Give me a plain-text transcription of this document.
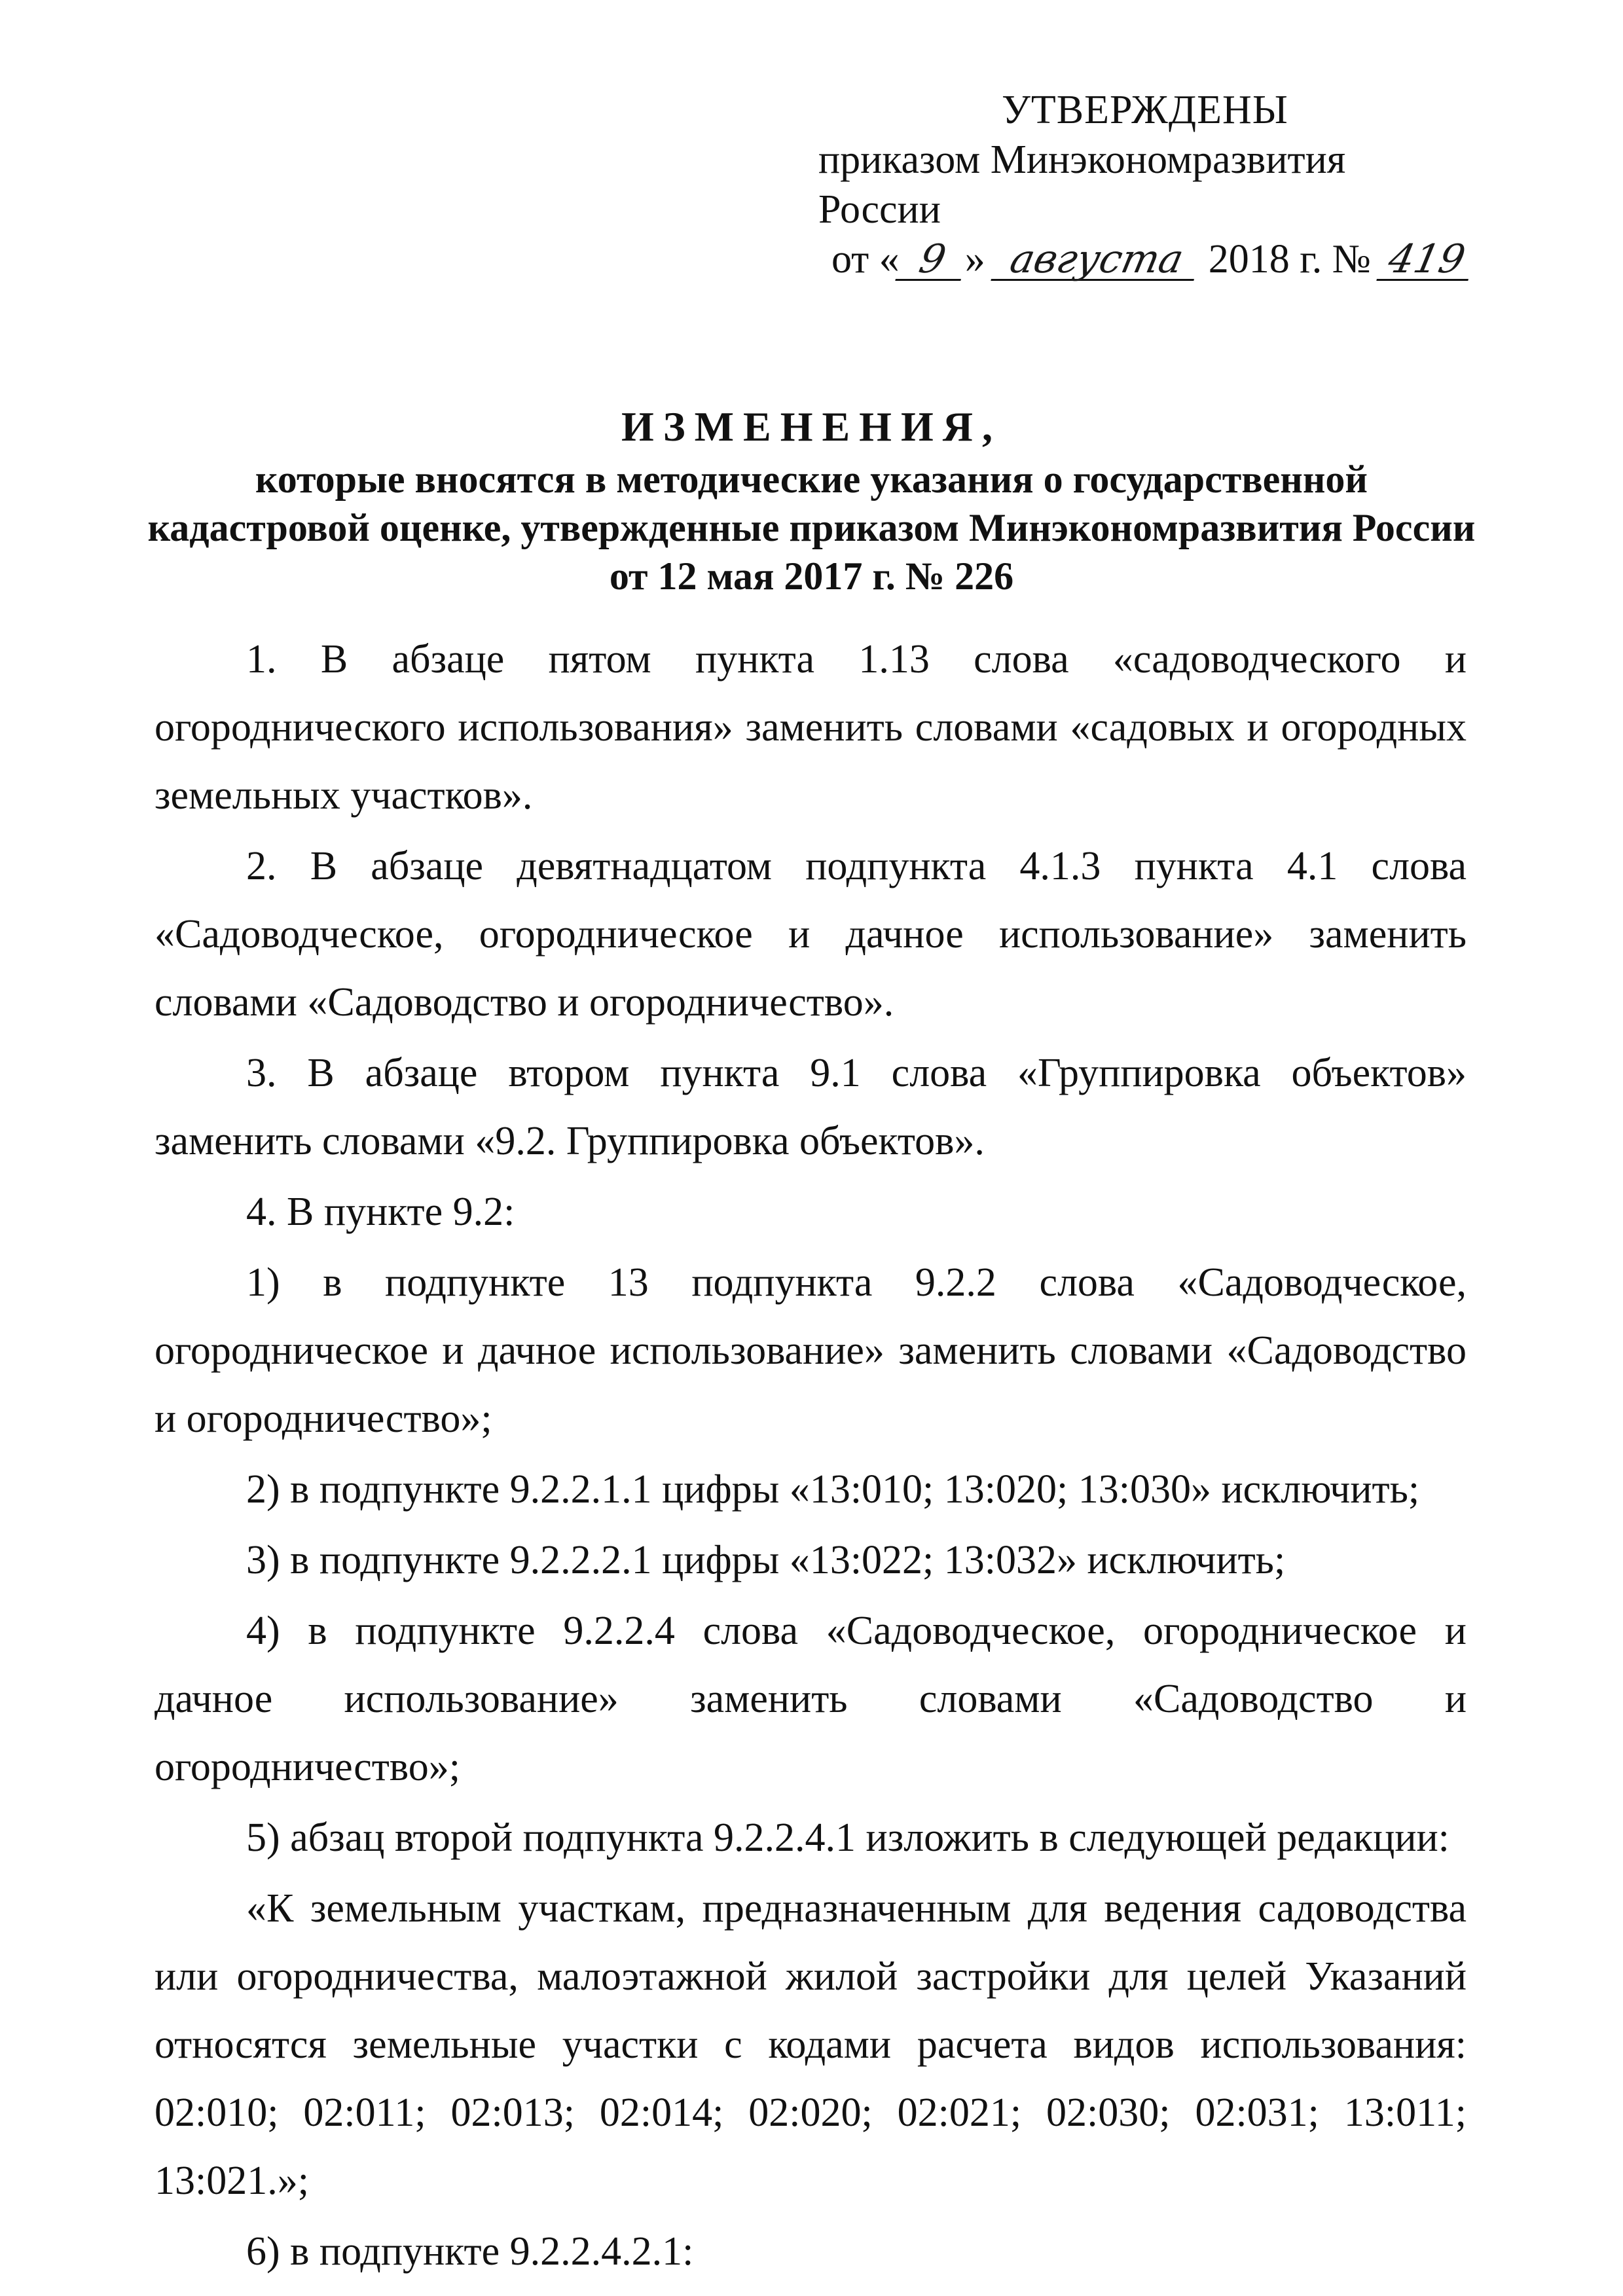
УТВЕРЖДЕНЫ
приказом Минэкономразвития России
от « 9 » августа 2018 г. № 419
ИЗМЕНЕНИЯ,
которые вносятся в методические указания о государственной
кадастровой оценке, утвержденные приказом Минэкономразвития России
от 12 мая 2017 г. № 226

1. В абзаце пятом пункта 1.13 слова «садоводческого и огороднического использования» заменить словами «садовых и огородных земельных участков».

2. В абзаце девятнадцатом подпункта 4.1.3 пункта 4.1 слова «Садоводческое, огородническое и дачное использование» заменить словами «Садоводство и огородничество».

3. В абзаце втором пункта 9.1 слова «Группировка объектов» заменить словами «9.2. Группировка объектов».

4. В пункте 9.2:

1) в подпункте 13 подпункта 9.2.2 слова «Садоводческое, огородническое и дачное использование» заменить словами «Садоводство и огородничество»;

2) в подпункте 9.2.2.1.1 цифры «13:010; 13:020; 13:030» исключить;

3) в подпункте 9.2.2.2.1 цифры «13:022; 13:032» исключить;

4) в подпункте 9.2.2.4 слова «Садоводческое, огородническое и дачное использование» заменить словами «Садоводство и огородничество»;

5) абзац второй подпункта 9.2.2.4.1 изложить в следующей редакции:

«К земельным участкам, предназначенным для ведения садоводства или огородничества, малоэтажной жилой застройки для целей Указаний относятся земельные участки с кодами расчета видов использования: 02:010; 02:011; 02:013; 02:014; 02:020; 02:021; 02:030; 02:031; 13:011; 13:021.»;

6) в подпункте 9.2.2.4.2.1:
